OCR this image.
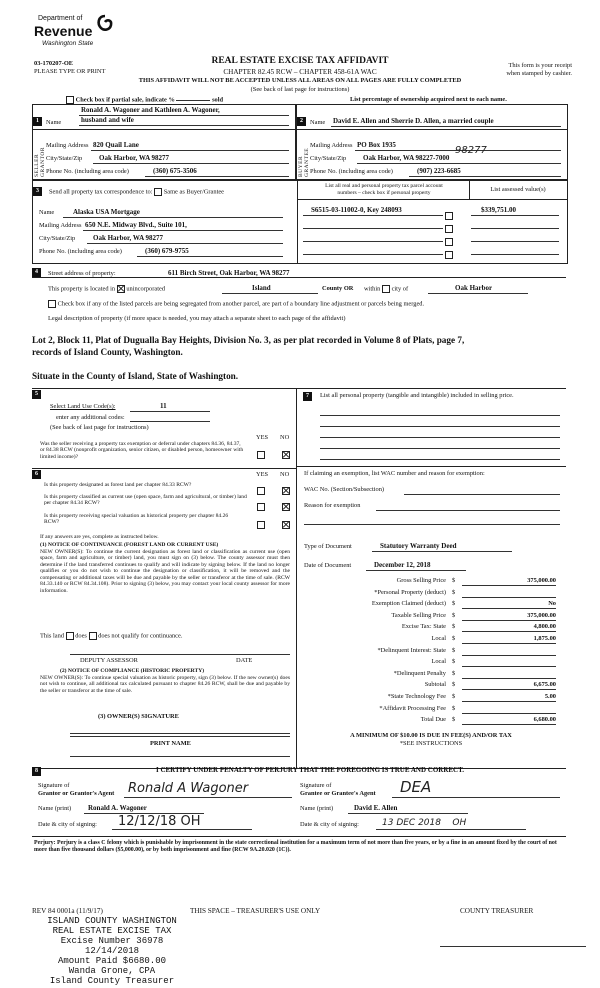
Department of
Revenue
Washington State
03-170207-OE
PLEASE TYPE OR PRINT
REAL ESTATE EXCISE TAX AFFIDAVIT
CHAPTER 82.45 RCW – CHAPTER 458-61A WAC
THIS AFFIDAVIT WILL NOT BE ACCEPTED UNLESS ALL AREAS ON ALL PAGES ARE FULLY COMPLETED
(See back of last page for instructions)
This form is your receipt
when stamped by cashier.
Check box if partial sale, indicate %	sold	List percentage of ownership acquired next to each name.
1
SELLER GRANTOR
Name
Ronald A. Wagoner and Kathleen A. Wagoner,
husband and wife
Mailing Address 820 Quail Lane
City/State/Zip Oak Harbor, WA 98277
Phone No. (including area code)	(360) 675-3506
2
BUYER GRANTEE
Name David E. Allen and Sherrie D. Allen, a married couple
Mailing Address PO Box 1935
City/State/Zip Oak Harbor, WA 98227-7000
98277
Phone No. (including area code)	(907) 223-6685
3	Send all property tax correspondence to: Same as Buyer/Grantee
Name	Alaska USA Mortgage
Mailing Address 650 N.E. Midway Blvd., Suite 101,
City/State/Zip	Oak Harbor, WA 98277
Phone No. (including area code)	(360) 679-9755
List all real and personal property tax parcel account
numbers – check box if personal property	List assessed value(s)
S6515-03-11002-0, Key 248093	$339,751.00
4	Street address of property:	611 Birch Street, Oak Harbor, WA 98277
This property is located in unincorporated	Island	County OR within city of	Oak Harbor
Check box if any of the listed parcels are being segregated from another parcel, are part of a boundary line adjustment or parcels being merged.
Legal description of property (if more space is needed, you may attach a separate sheet to each page of the affidavit)
Lot 2, Block 11, Plat of Dugualla Bay Heights, Division No. 3, as per plat recorded in Volume 8 of Plats, page 7,
records of Island County, Washington.
Situate in the County of Island, State of Washington.
5
Select Land Use Code(s):	11
enter any additional codes:
(See back of last page for instructions)
YES NO
Was the seller receiving a property tax exemption or deferral under chapters 84.36, 84.37, or 84.38 RCW (nonprofit organization, senior citizen, or disabled person, homeowner with limited income)?
6	YES NO
Is this property designated as forest land per chapter 84.33 RCW?
Is this property classified as current use (open space, farm and agricultural, or timber) land per chapter 84.34 RCW?
Is this property receiving special valuation as historical property per chapter 84.26 RCW?
If any answers are yes, complete as instructed below.
(1) NOTICE OF CONTINUANCE (FOREST LAND OR CURRENT USE)
NEW OWNER(S): To continue the current designation as forest land or classification as current use (open space, farm and agriculture, or timber) land, you must sign on (3) below. The county assessor must then determine if the land transferred continues to qualify and will indicate by signing below. If the land no longer qualifies or you do not wish to continue the designation or classification, it will be removed and the compensating or additional taxes will be due and payable by the seller or transferor at the time of sale. (RCW 84.33.140 or RCW 84.34.108). Prior to signing (3) below, you may contact your local county assessor for more information.
This land does does not qualify for continuance.
DEPUTY ASSESSOR	DATE
(2) NOTICE OF COMPLIANCE (HISTORIC PROPERTY)
NEW OWNER(S): To continue special valuation as historic property, sign (3) below. If the new owner(s) does not wish to continue, all additional tax calculated pursuant to chapter 84.26 RCW, shall be due and payable by the seller or transferor at the time of sale.
(3) OWNER(S) SIGNATURE
PRINT NAME
7	List all personal property (tangible and intangible) included in selling price.
If claiming an exemption, list WAC number and reason for exemption:
WAC No. (Section/Subsection)
Reason for exemption
Type of Document	Statutory Warranty Deed
Date of Document	December 12, 2018
Gross Selling Price $	375,000.00
*Personal Property (deduct) $
Exemption Claimed (deduct) $	No
Taxable Selling Price $	375,000.00
Excise Tax: State $	4,800.00
Local $	1,875.00
*Delinquent Interest: State $
Local $
*Delinquent Penalty $
Subtotal $	6,675.00
*State Technology Fee $	5.00
*Affidavit Processing Fee $
Total Due $	6,680.00
A MINIMUM OF $10.00 IS DUE IN FEE(S) AND/OR TAX
*SEE INSTRUCTIONS
8	I CERTIFY UNDER PENALTY OF PERJURY THAT THE FOREGOING IS TRUE AND CORRECT.
Signature of
Grantor or Grantor's Agent Ronald A Wagoner
Name (print) Ronald A. Wagoner
Date & city of signing: 12/12/18 OH
Signature of
Grantee or Grantee's Agent DEA
Name (print)	David E. Allen
Date & city of signing:	13 DEC 2018    OH
Perjury: Perjury is a class C felony which is punishable by imprisonment in the state correctional institution for a maximum term of not more than five years, or by a fine in an amount fixed by the court of not more than five thousand dollars ($5,000.00), or by both imprisonment and fine (RCW 9A.20.020 (1C)).
REV 84 0001a (11/9/17)	THIS SPACE – TREASURER'S USE ONLY	COUNTY TREASURER
ISLAND COUNTY WASHINGTON
REAL ESTATE EXCISE TAX
Excise Number 36978
12/14/2018
Amount Paid $6680.00
Wanda Grone, CPA
Island County Treasurer
